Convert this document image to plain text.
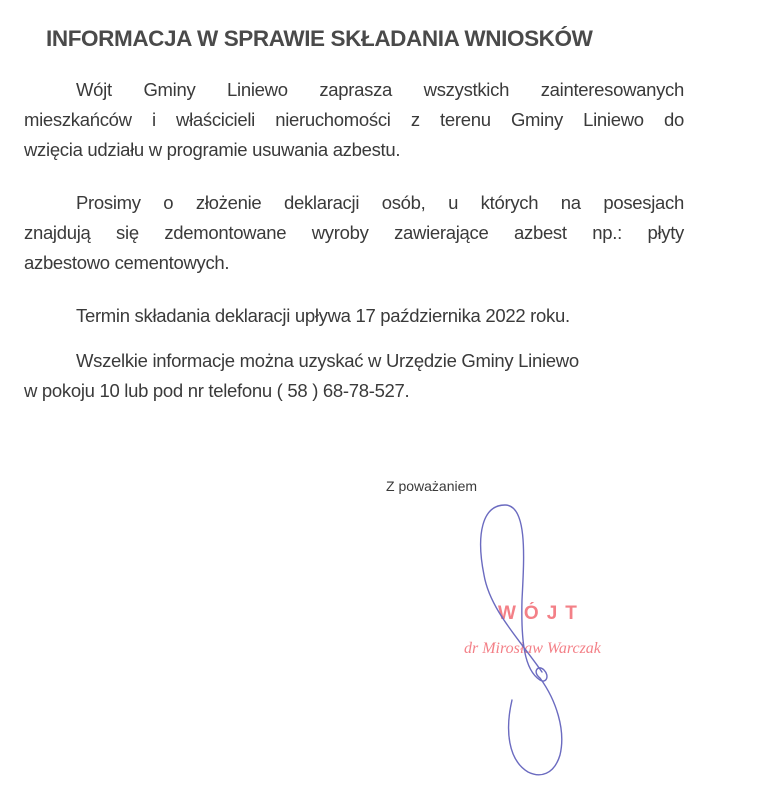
INFORMACJA W SPRAWIE SKŁADANIA WNIOSKÓW
Wójt Gminy Liniewo zaprasza wszystkich zainteresowanych
mieszkańców i właścicieli nieruchomości z terenu Gminy Liniewo do
wzięcia udziału w programie usuwania azbestu.
Prosimy o złożenie deklaracji osób, u których na posesjach
znajdują się zdemontowane wyroby zawierające azbest np.: płyty
azbestowo cementowych.
Termin składania deklaracji upływa 17 października 2022 roku.
Wszelkie informacje można uzyskać w Urzędzie Gminy Liniewo
w pokoju 10 lub pod nr telefonu ( 58 ) 68-78-527.
Z poważaniem
WÓJT
dr Mirosław Warczak
